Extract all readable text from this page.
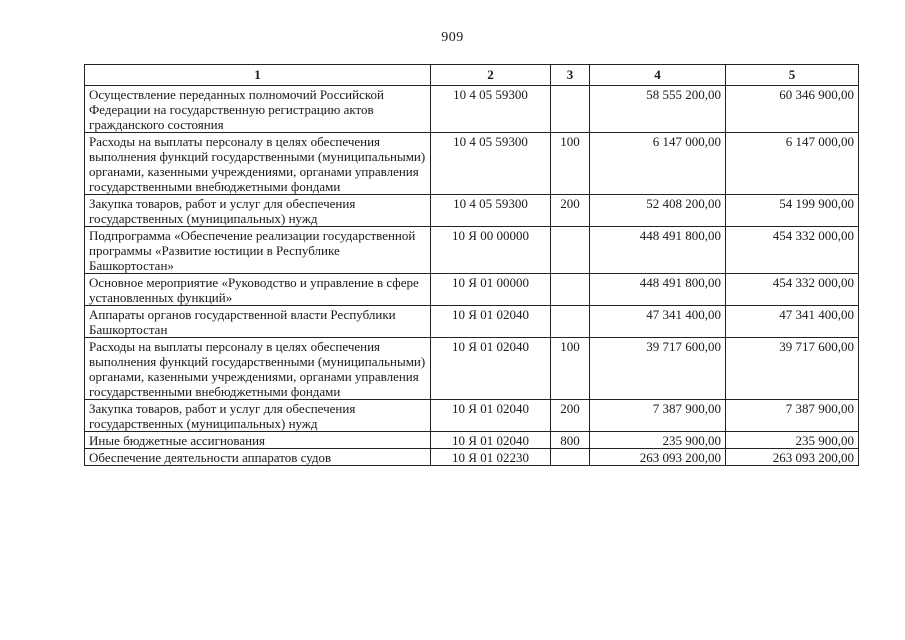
909
1	2	3	4	5
Осуществление переданных полномочий Российской Федерации на государственную регистрацию актов гражданского состояния	10 4 05 59300		58 555 200,00	60 346 900,00
Расходы на выплаты персоналу в целях обеспечения выполнения функций государственными (муниципальными) органами, казенными учреждениями, органами управления государственными внебюджетными фондами	10 4 05 59300	100	6 147 000,00	6 147 000,00
Закупка товаров, работ и услуг для обеспечения государственных (муниципальных) нужд	10 4 05 59300	200	52 408 200,00	54 199 900,00
Подпрограмма «Обеспечение реализации государственной программы «Развитие юстиции в Республике Башкортостан»	10 Я 00 00000		448 491 800,00	454 332 000,00
Основное мероприятие «Руководство и управление в сфере установленных функций»	10 Я 01 00000		448 491 800,00	454 332 000,00
Аппараты органов государственной власти Республики Башкортостан	10 Я 01 02040		47 341 400,00	47 341 400,00
Расходы на выплаты персоналу в целях обеспечения выполнения функций государственными (муниципальными) органами, казенными учреждениями, органами управления государственными внебюджетными фондами	10 Я 01 02040	100	39 717 600,00	39 717 600,00
Закупка товаров, работ и услуг для обеспечения государственных (муниципальных) нужд	10 Я 01 02040	200	7 387 900,00	7 387 900,00
Иные бюджетные ассигнования	10 Я 01 02040	800	235 900,00	235 900,00
Обеспечение деятельности аппаратов судов	10 Я 01 02230		263 093 200,00	263 093 200,00
